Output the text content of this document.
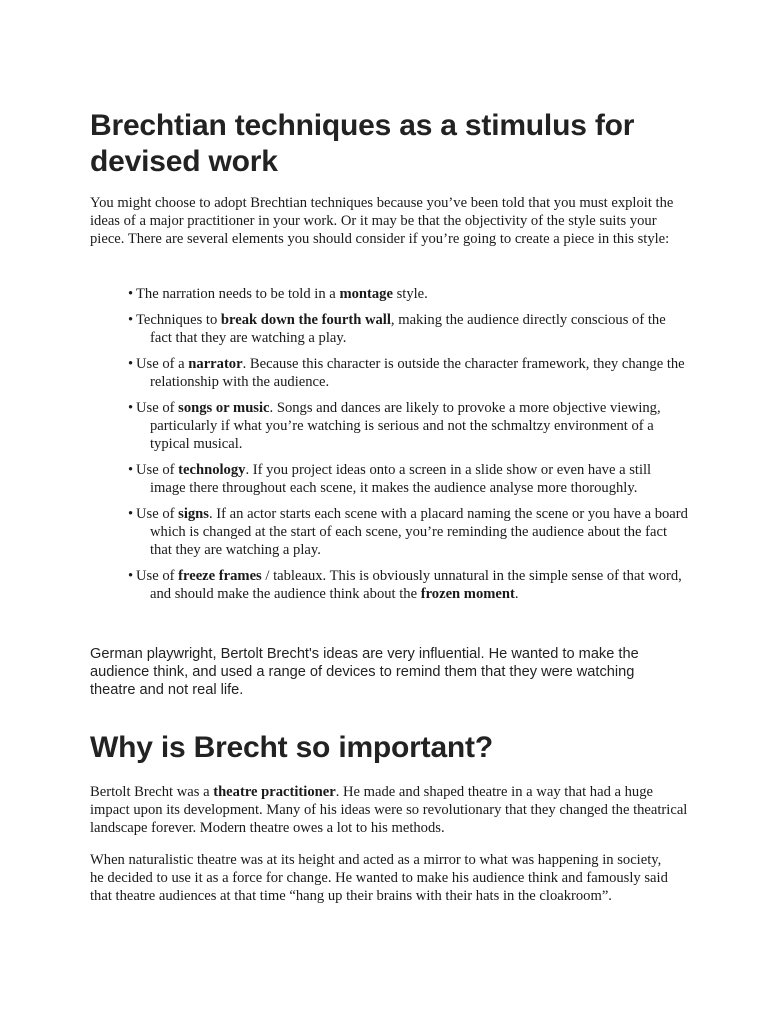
Brechtian techniques as a stimulus for devised work

You might choose to adopt Brechtian techniques because you’ve been told that you must exploit the ideas of a major practitioner in your work. Or it may be that the objectivity of the style suits your piece. There are several elements you should consider if you’re going to create a piece in this style:

• The narration needs to be told in a montage style.
• Techniques to break down the fourth wall, making the audience directly conscious of the fact that they are watching a play.
• Use of a narrator. Because this character is outside the character framework, they change the relationship with the audience.
• Use of songs or music. Songs and dances are likely to provoke a more objective viewing, particularly if what you’re watching is serious and not the schmaltzy environment of a typical musical.
• Use of technology. If you project ideas onto a screen in a slide show or even have a still image there throughout each scene, it makes the audience analyse more thoroughly.
• Use of signs. If an actor starts each scene with a placard naming the scene or you have a board which is changed at the start of each scene, you’re reminding the audience about the fact that they are watching a play.
• Use of freeze frames / tableaux. This is obviously unnatural in the simple sense of that word, and should make the audience think about the frozen moment.

German playwright, Bertolt Brecht's ideas are very influential. He wanted to make the audience think, and used a range of devices to remind them that they were watching theatre and not real life.

Why is Brecht so important?

Bertolt Brecht was a theatre practitioner. He made and shaped theatre in a way that had a huge impact upon its development. Many of his ideas were so revolutionary that they changed the theatrical landscape forever. Modern theatre owes a lot to his methods.

When naturalistic theatre was at its height and acted as a mirror to what was happening in society, he decided to use it as a force for change. He wanted to make his audience think and famously said that theatre audiences at that time “hang up their brains with their hats in the cloakroom”.
